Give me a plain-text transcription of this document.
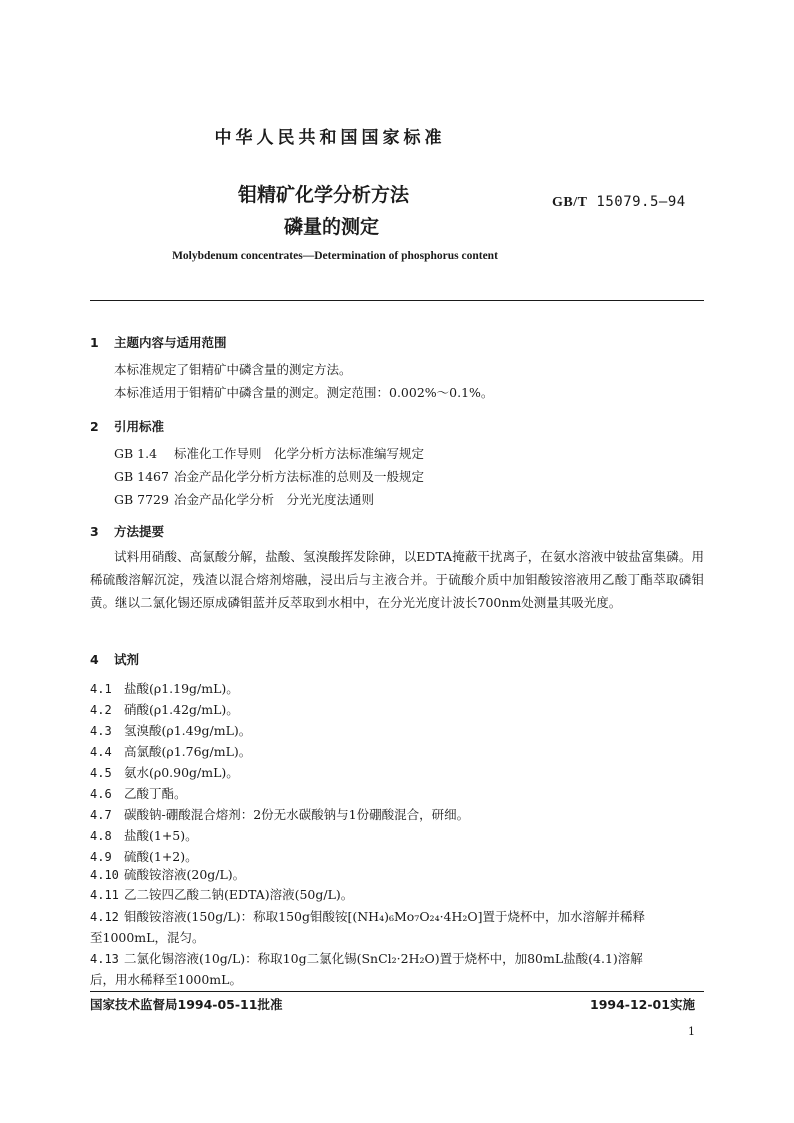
中华人民共和国国家标准
钼精矿化学分析方法
磷量的测定
GB/T 15079.5—94
Molybdenum concentrates—Determination of phosphorus content
1 主题内容与适用范围
本标准规定了钼精矿中磷含量的测定方法。
本标准适用于钼精矿中磷含量的测定。测定范围：0.002%～0.1%。
2 引用标准
GB 1.4 标准化工作导则　化学分析方法标准编写规定
GB 1467 冶金产品化学分析方法标准的总则及一般规定
GB 7729 冶金产品化学分析　分光光度法通则
3 方法提要
试料用硝酸、高氯酸分解，盐酸、氢溴酸挥发除砷，以EDTA掩蔽干扰离子，在氨水溶液中铍盐富集磷。用稀硫酸溶解沉淀，残渣以混合熔剂熔融，浸出后与主液合并。于硫酸介质中加钼酸铵溶液用乙酸丁酯萃取磷钼黄。继以二氯化锡还原成磷钼蓝并反萃取到水相中，在分光光度计波长700nm处测量其吸光度。
4 试剂
4.1 盐酸(ρ1.19g/mL)。
4.2 硝酸(ρ1.42g/mL)。
4.3 氢溴酸(ρ1.49g/mL)。
4.4 高氯酸(ρ1.76g/mL)。
4.5 氨水(ρ0.90g/mL)。
4.6 乙酸丁酯。
4.7 碳酸钠-硼酸混合熔剂：2份无水碳酸钠与1份硼酸混合，研细。
4.8 盐酸(1+5)。
4.9 硫酸(1+2)。
4.10 硫酸铵溶液(20g/L)。
4.11 乙二铵四乙酸二钠(EDTA)溶液(50g/L)。
4.12 钼酸铵溶液(150g/L)：称取150g钼酸铵[(NH₄)₆Mo₇O₂₄·4H₂O]置于烧杯中，加水溶解并稀释
至1000mL，混匀。
4.13 二氯化锡溶液(10g/L)：称取10g二氯化锡(SnCl₂·2H₂O)置于烧杯中，加80mL盐酸(4.1)溶解
后，用水稀释至1000mL。
国家技术监督局1994-05-11批准	1994-12-01实施
1
